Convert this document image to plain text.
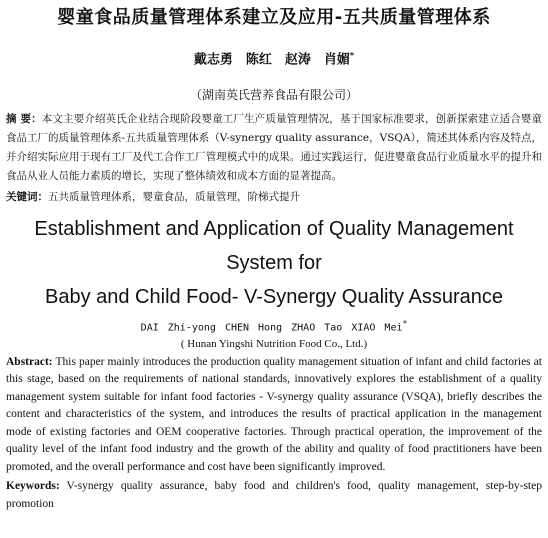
婴童食品质量管理体系建立及应用-五共质量管理体系
戴志勇　陈红　赵涛　肖媚*
（湖南英氏营养食品有限公司）
摘 要：本文主要介绍英氏企业结合现阶段婴童工厂生产质量管理情况，基于国家标准要求，创新探索建立适合婴童食品工厂的质量管理体系-五共质量管理体系（V-synergy quality assurance，VSQA），简述其体系内容及特点，并介绍实际应用于现有工厂及代工合作工厂管理模式中的成果。通过实践运行，促进婴童食品行业质量水平的提升和食品从业人员能力素质的增长，实现了整体绩效和成本方面的显著提高。
关键词：五共质量管理体系，婴童食品，质量管理，阶梯式提升
Establishment and Application of Quality Management System for
Baby and Child Food- V-Synergy Quality Assurance
DAI Zhi-yong CHEN Hong ZHAO Tao XIAO Mei*
( Hunan Yingshi Nutrition Food Co., Ltd.)
Abstract: This paper mainly introduces the production quality management situation of infant and child factories at this stage, based on the requirements of national standards, innovatively explores the establishment of a quality management system suitable for infant food factories - V-synergy quality assurance (VSQA), briefly describes the content and characteristics of the system, and introduces the results of practical application in the management mode of existing factories and OEM cooperative factories. Through practical operation, the improvement of the quality level of the infant food industry and the growth of the ability and quality of food practitioners have been promoted, and the overall performance and cost have been significantly improved.
Keywords: V-synergy quality assurance, baby food and children's food, quality management, step-by-step promotion
